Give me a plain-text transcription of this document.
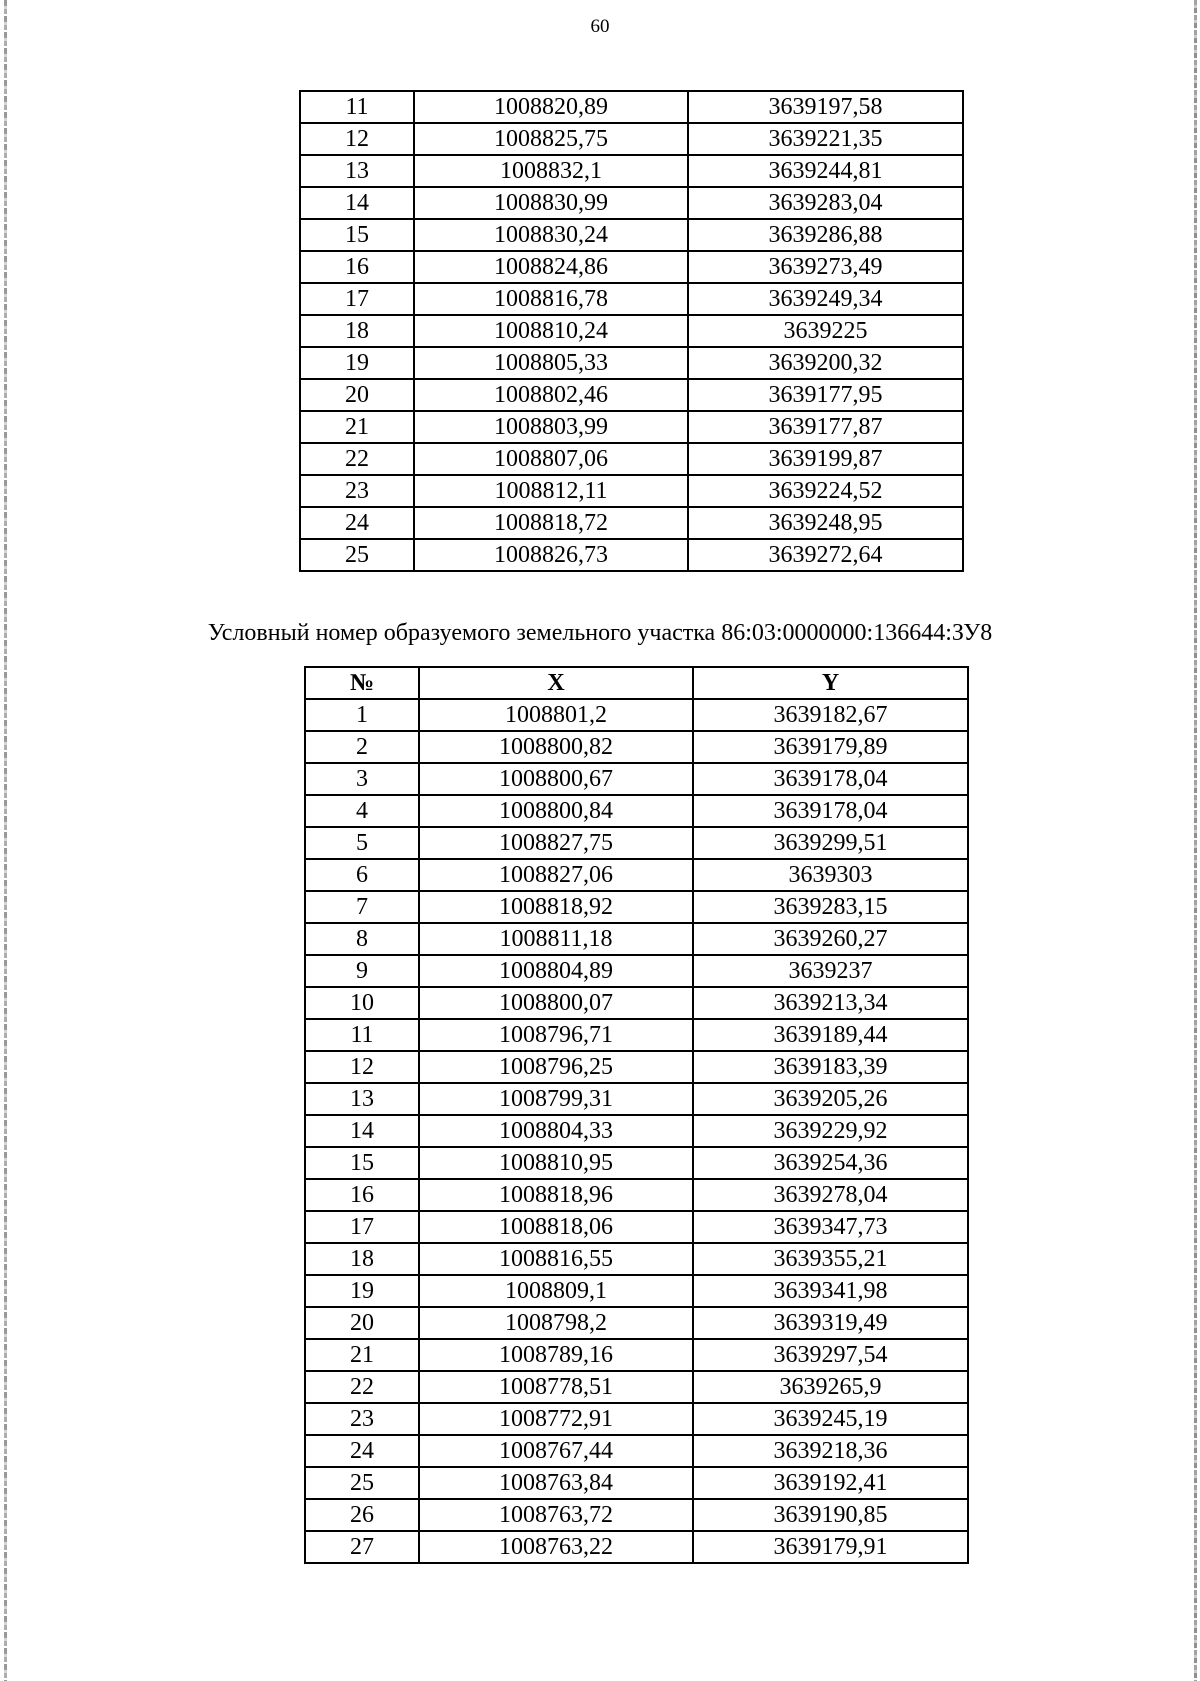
60
11	1008820,89	3639197,58
12	1008825,75	3639221,35
13	1008832,1	3639244,81
14	1008830,99	3639283,04
15	1008830,24	3639286,88
16	1008824,86	3639273,49
17	1008816,78	3639249,34
18	1008810,24	3639225
19	1008805,33	3639200,32
20	1008802,46	3639177,95
21	1008803,99	3639177,87
22	1008807,06	3639199,87
23	1008812,11	3639224,52
24	1008818,72	3639248,95
25	1008826,73	3639272,64
Условный номер образуемого земельного участка 86:03:0000000:136644:ЗУ8
№	X	Y
1	1008801,2	3639182,67
2	1008800,82	3639179,89
3	1008800,67	3639178,04
4	1008800,84	3639178,04
5	1008827,75	3639299,51
6	1008827,06	3639303
7	1008818,92	3639283,15
8	1008811,18	3639260,27
9	1008804,89	3639237
10	1008800,07	3639213,34
11	1008796,71	3639189,44
12	1008796,25	3639183,39
13	1008799,31	3639205,26
14	1008804,33	3639229,92
15	1008810,95	3639254,36
16	1008818,96	3639278,04
17	1008818,06	3639347,73
18	1008816,55	3639355,21
19	1008809,1	3639341,98
20	1008798,2	3639319,49
21	1008789,16	3639297,54
22	1008778,51	3639265,9
23	1008772,91	3639245,19
24	1008767,44	3639218,36
25	1008763,84	3639192,41
26	1008763,72	3639190,85
27	1008763,22	3639179,91
